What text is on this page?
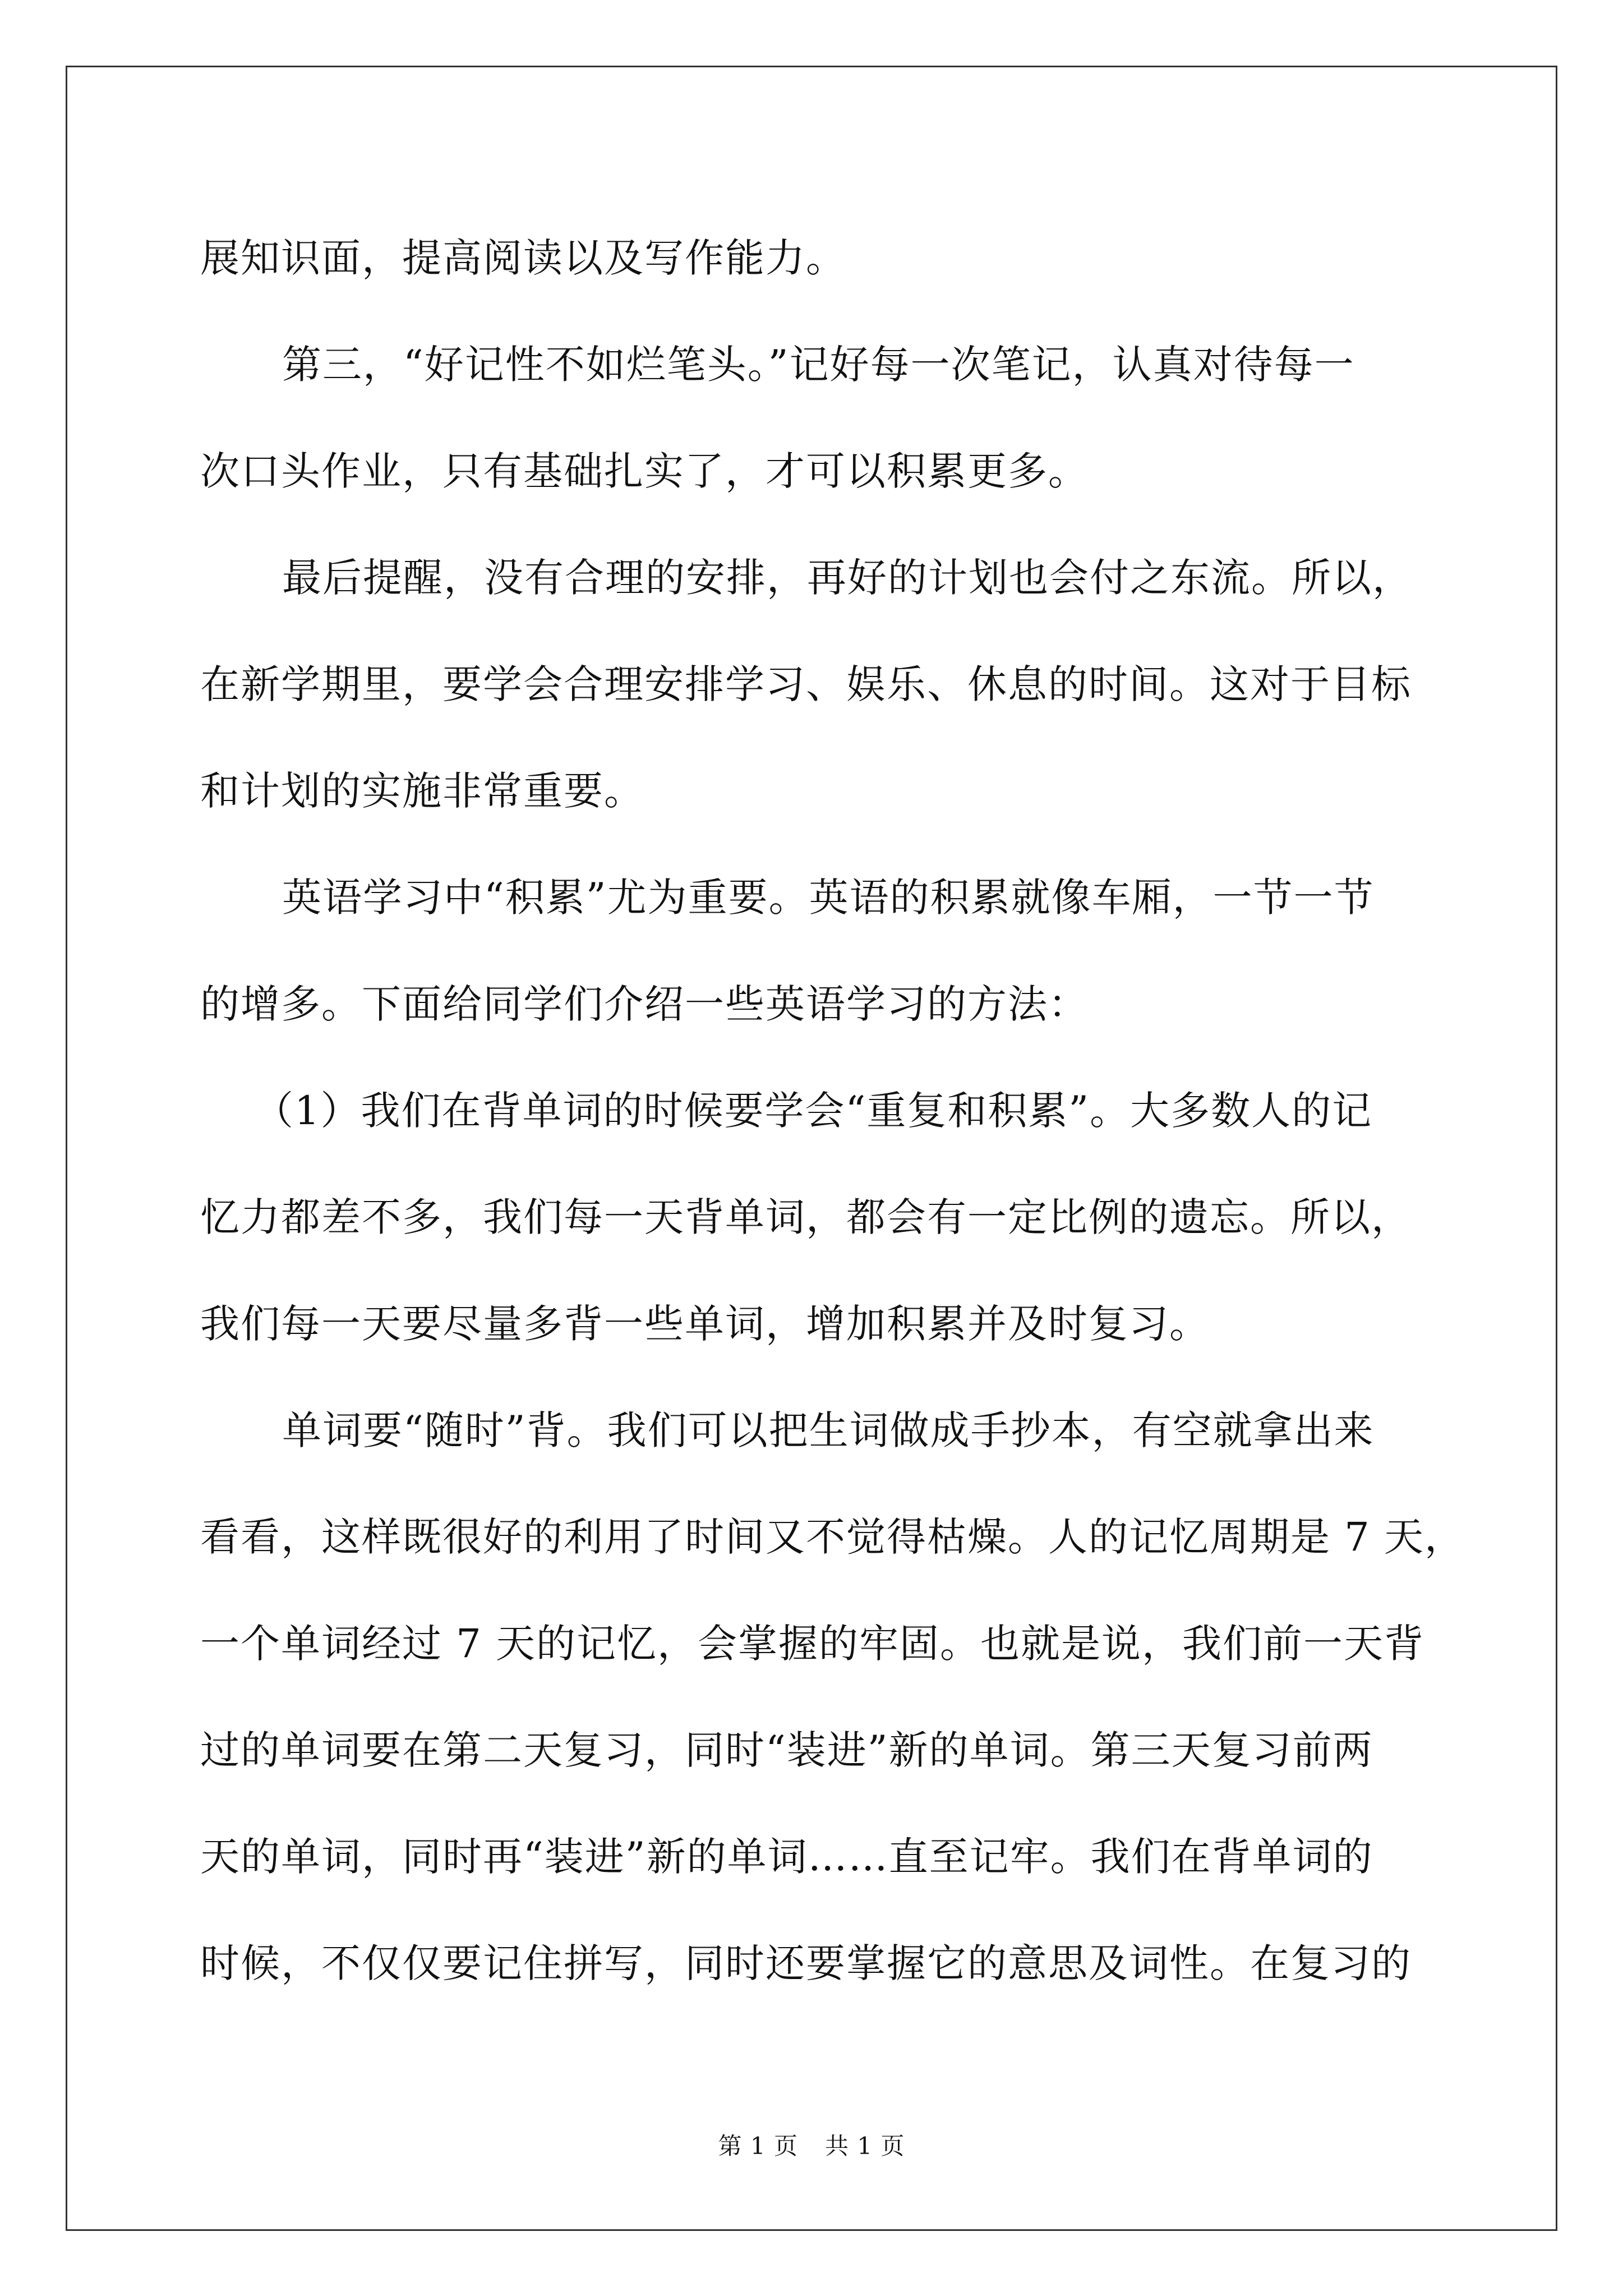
展知识面，提高阅读以及写作能力。

第三，“好记性不如烂笔头。”记好每一次笔记，认真对待每一
次口头作业，只有基础扎实了，才可以积累更多。

最后提醒，没有合理的安排，再好的计划也会付之东流。所以，
在新学期里，要学会合理安排学习、娱乐、休息的时间。这对于目标
和计划的实施非常重要。

英语学习中“积累”尤为重要。英语的积累就像车厢，一节一节
的增多。下面给同学们介绍一些英语学习的方法：

（1）我们在背单词的时候要学会“重复和积累”。大多数人的记
忆力都差不多，我们每一天背单词，都会有一定比例的遗忘。所以，
我们每一天要尽量多背一些单词，增加积累并及时复习。

单词要“随时”背。我们可以把生词做成手抄本，有空就拿出来
看看，这样既很好的利用了时间又不觉得枯燥。人的记忆周期是 7 天，
一个单词经过 7 天的记忆，会掌握的牢固。也就是说，我们前一天背
过的单词要在第二天复习，同时“装进”新的单词。第三天复习前两
天的单词，同时再“装进”新的单词……直至记牢。我们在背单词的
时候，不仅仅要记住拼写，同时还要掌握它的意思及词性。在复习的

第 1 页 共 1 页
